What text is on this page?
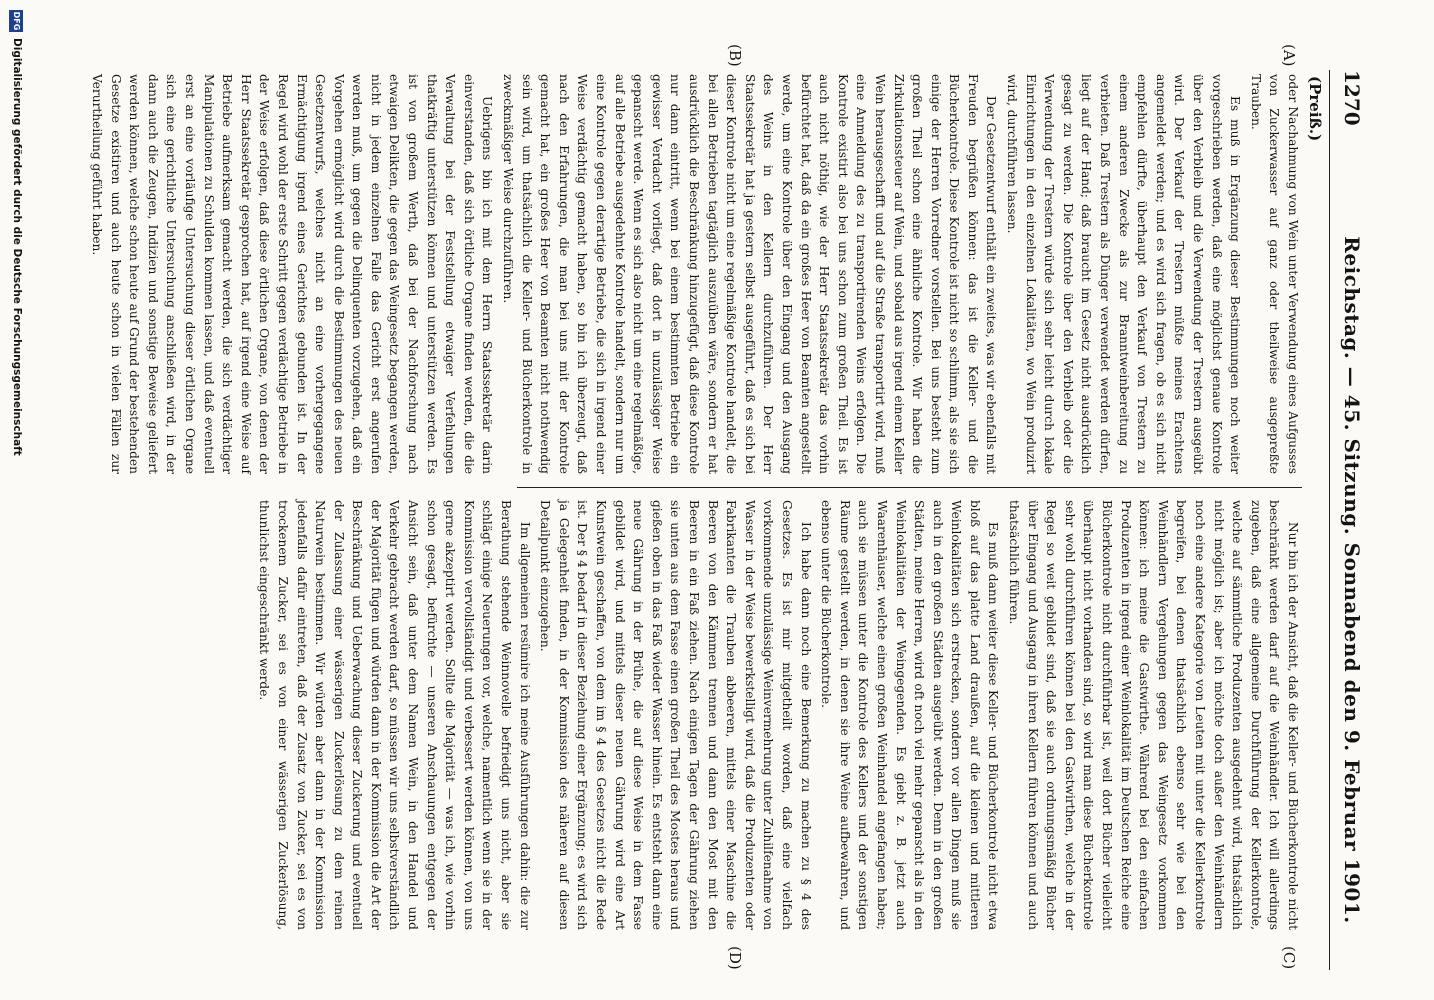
1270
Reichstag. — 45. Sitzung. Sonnabend den 9. Februar 1901.
(Preiß.)
(A)
(B)
(C)
(D)

oder Nachahmung von Wein unter Verwendung eines Aufgusses von Zuckerwasser auf ganz oder theilweise ausgepreßte Trauben.

Es muß in Ergänzung dieser Bestimmungen noch weiter vorgeschrieben werden, daß eine möglichst genaue Kontrole über den Verbleib und die Verwendung der Trestern ausgeübt wird. Der Verkauf der Trestern müßte meines Erachtens angemeldet werden; und es wird sich fragen, ob es sich nicht empfehlen dürfte, überhaupt den Verkauf von Trestern zu einem anderen Zwecke als zur Branntweinbereitung zu verbieten. Daß Trestern als Dünger verwendet werden dürfen, liegt auf der Hand; daß braucht im Gesetz nicht ausdrücklich gesagt zu werden. Die Kontrole über den Verbleib oder die Verwendung der Trestern würde sich sehr leicht durch lokale Einrichtungen in den einzelnen Lokalitäten, wo Wein produzirt wird, durchführen lassen.

Der Gesetzentwurf enthält ein zweites, was wir ebenfalls mit Freuden begrüßen können: das ist die Keller- und die Bücherkontrole. Diese Kontrole ist nicht so schlimm, als sie sich einige der Herren Vorredner vorstellen. Bei uns besteht zum großen Theil schon eine ähnliche Kontrole. Wir haben die Zirkulationssteuer auf Wein, und sobald aus irgend einem Keller Wein herausgeschafft und auf die Straße transportirt wird, muß eine Anmeldung des zu transportirenden Weins erfolgen. Die Kontrole existirt also bei uns schon zum großen Theil. Es ist auch nicht nöthig, wie der Herr Staatssekretär das vorhin befürchtet hat, daß da ein großes Heer von Beamten angestellt werde, um eine Kontrole über den Eingang und den Ausgang des Weins in den Kellern durchzuführen. Der Herr Staatssekretär hat ja gestern selbst ausgeführt, daß es sich bei dieser Kontrole nicht um eine regelmäßige Kontrole handelt, die bei allen Betrieben tagtäglich auszuüben wäre, sondern er hat ausdrücklich die Beschränkung hinzugefügt, daß diese Kontrole nur dann eintritt, wenn bei einem bestimmten Betriebe ein gewisser Verdacht vorliegt, daß dort in unzulässiger Weise gepanscht werde. Wenn es sich also nicht um eine regelmäßige, auf alle Betriebe ausgedehnte Kontrole handelt, sondern nur um eine Kontrole gegen derartige Betriebe, die sich in irgend einer Weise verdächtig gemacht haben, so bin ich überzeugt, daß nach den Erfahrungen, die man bei uns mit der Kontrole gemacht hat, ein großes Heer von Beamten nicht nothwendig sein wird, um thatsächlich die Keller- und Bücherkontrole in zweckmäßiger Weise durchzuführen.

Uebrigens bin ich mit dem Herrn Staatssekretär darin einverstanden, daß sich örtliche Organe finden werden, die die Verwaltung bei der Feststellung etwaiger Verfehlungen thatkräftig unterstützen können und unterstützen werden. Es ist von großem Werth, daß bei der Nachforschung nach etwaigen Delikten, die gegen das Weingesetz begangen werden, nicht in jedem einzelnen Falle das Gericht erst angerufen werden muß, um gegen die Delinquenten vorzugehen, daß ein Vorgehen ermöglicht wird durch die Bestimmungen des neuen Gesetzentwurfs, welches nicht an eine vorhergegangene Ermächtigung irgend eines Gerichtes gebunden ist. In der Regel wird wohl der erste Schritt gegen verdächtige Betriebe in der Weise erfolgen, daß diese örtlichen Organe, von denen der Herr Staatssekretär gesprochen hat, auf irgend eine Weise auf Betriebe aufmerksam gemacht werden, die sich verdächtiger Manipulationen zu Schulden kommen lassen, und daß eventuell erst an eine vorläufige Untersuchung dieser örtlichen Organe sich eine gerichtliche Untersuchung anschließen wird, in der dann auch die Zeugen, Indizien und sonstige Beweise geliefert werden können, welche schon heute auf Grund der bestehenden Gesetze existiren und auch heute schon in vielen Fällen zur Verurtheilung geführt haben.

Nur bin ich der Ansicht, daß die Keller- und Bücherkontrole nicht beschränkt werden darf auf die Weinhändler. Ich will allerdings zugeben, daß eine allgemeine Durchführung der Kellerkontrole, welche auf sämmtliche Produzenten ausgedehnt wird, thatsächlich nicht möglich ist; aber ich möchte doch außer den Weinhändlern noch eine andere Kategorie von Leuten mit unter die Kellerkontrole begreifen, bei denen thatsächlich ebenso sehr wie bei den Weinhändlern Vergehungen gegen das Weingesetz vorkommen können: ich meine die Gastwirthe. Während bei den einfachen Produzenten in irgend einer Weinlokalität im Deutschen Reiche eine Bücherkontrole nicht durchführbar ist, weil dort Bücher vielleicht überhaupt nicht vorhanden sind, so wird man diese Bücherkontrole sehr wohl durchführen können bei den Gastwirthen, welche in der Regel so weit gebildet sind, daß sie auch ordnungsmäßig Bücher über Eingang und Ausgang in ihren Kellern führen können und auch thatsächlich führen.

Es muß dann weiter diese Keller- und Bücherkontrole nicht etwa bloß auf das platte Land draußen, auf die kleinen und mittleren Weinlokalitäten sich erstrecken, sondern vor allen Dingen muß sie auch in den großen Städten ausgeübt werden. Denn in den großen Städten, meine Herren, wird oft noch viel mehr gepanscht als in den Weinlokalitäten der Weingegenden. Es giebt z. B. jetzt auch Waarenhäuser, welche einen großen Weinhandel angefangen haben; auch sie müssen unter die Kontrole des Kellers und der sonstigen Räume gestellt werden, in denen sie ihre Weine aufbewahren, und ebenso unter die Bücherkontrole.

Ich habe dann noch eine Bemerkung zu machen zu § 4 des Gesetzes. Es ist mir mitgetheilt worden, daß eine vielfach vorkommende unzulässige Weinvermehrung unter Zuhilfenahme von Wasser in der Weise bewerkstelligt wird, daß die Produzenten oder Fabrikanten die Trauben abbeeren, mittels einer Maschine die Beeren von den Kämmen trennen und dann den Most mit den Beeren in ein Faß ziehen. Nach einigen Tagen der Gährung ziehen sie unten aus dem Fasse einen großen Theil des Mostes heraus und gießen oben in das Faß wieder Wasser hinein. Es entsteht dann eine neue Gährung in der Brühe, die auf diese Weise in dem Fasse gebildet wird, und mittels dieser neuen Gährung wird eine Art Kunstwein geschaffen, von dem im § 4 des Gesetzes nicht die Rede ist. Der § 4 bedarf in dieser Beziehung einer Ergänzung; es wird sich ja Gelegenheit finden, in der Kommission des näheren auf diesen Detailpunkt einzugehen.

Im allgemeinen resümire ich meine Ausführungen dahin: die zur Berathung stehende Weinnovelle befriedigt uns nicht, aber sie schlägt einige Neuerungen vor, welche, namentlich wenn sie in der Kommission vervollständigt und verbessert werden können, von uns gerne akzeptirt werden. Sollte die Majorität — was ich, wie vorhin schon gesagt, befürchte — unseren Anschauungen entgegen der Ansicht sein, daß unter dem Namen Wein, in den Handel und Verkehr gebracht werden darf, so müssen wir uns selbstverständlich der Majorität fügen und würden dann in der Kommission die Art der Beschränkung und Ueberwachung dieser Zuckerung und eventuell der Zulassung einer wässerigen Zuckerlösung zu dem reinen Naturwein bestimmen. Wir würden aber dann in der Kommission jedenfalls dafür eintreten, daß der Zusatz von Zucker, sei es von trockenem Zucker, sei es von einer wässerigen Zuckerlösung, thunlichst eingeschränkt werde.

DFG
Digitalisierung gefördert durch die Deutsche Forschungsgemeinschaft
